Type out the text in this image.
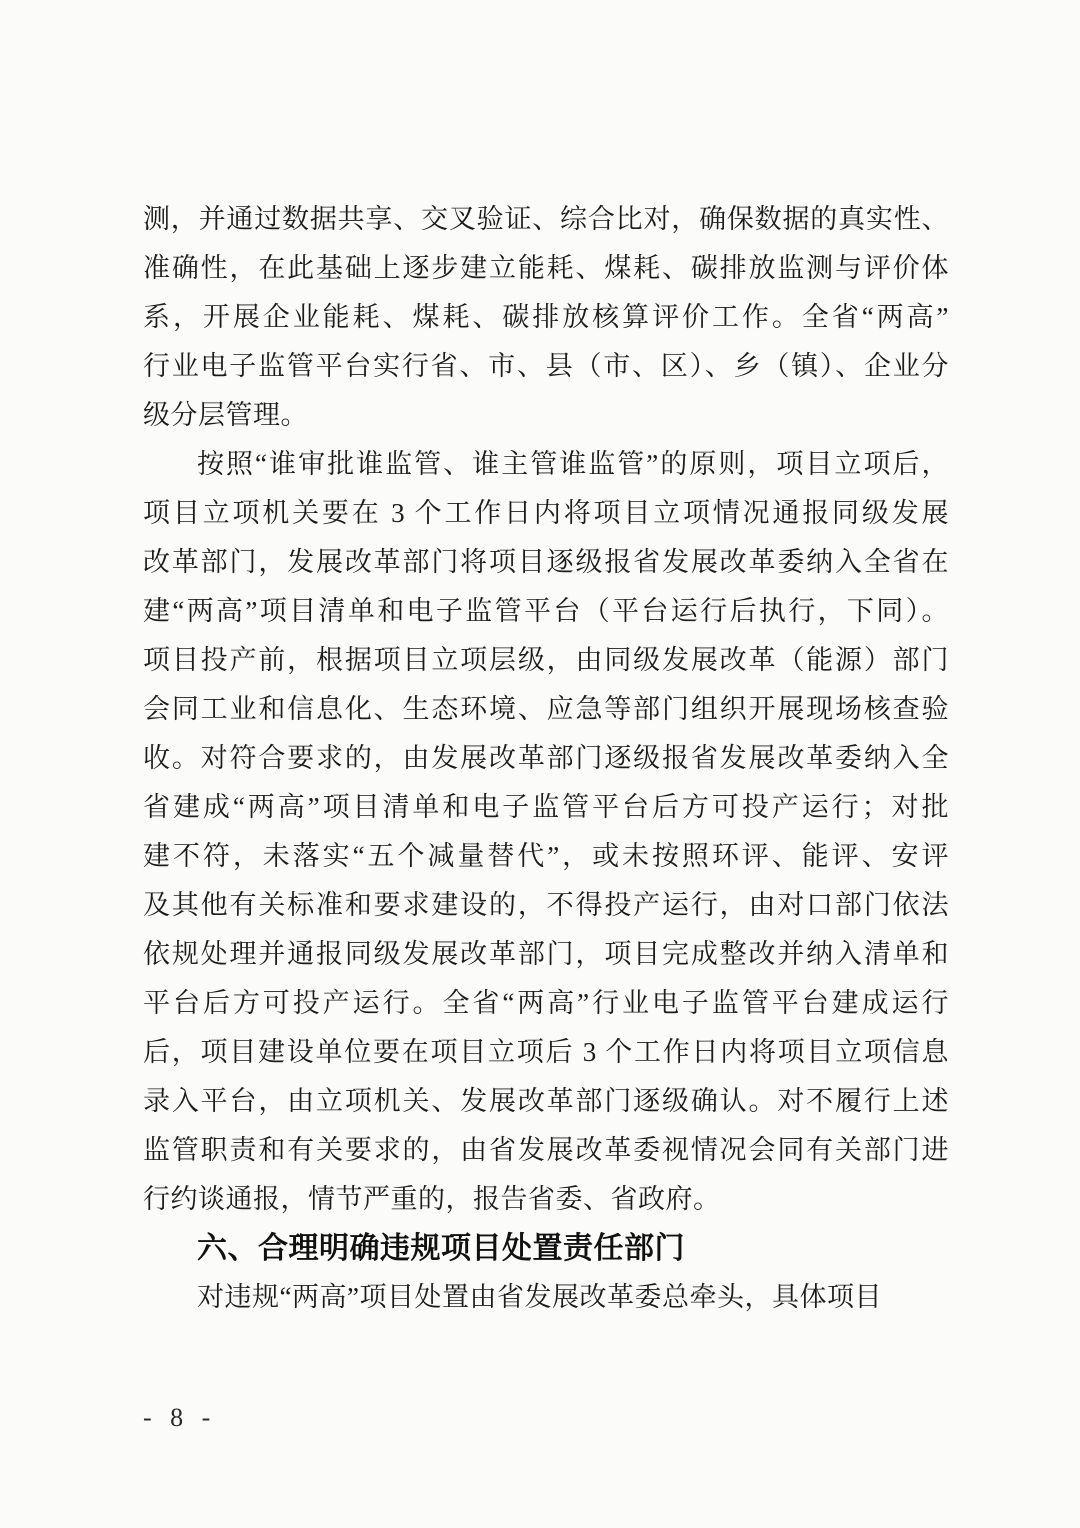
测，并通过数据共享、交叉验证、综合比对，确保数据的真实性、
准确性，在此基础上逐步建立能耗、煤耗、碳排放监测与评价体
系，开展企业能耗、煤耗、碳排放核算评价工作。全省“两高”
行业电子监管平台实行省、市、县（市、区）、乡（镇）、企业分
级分层管理。
按照“谁审批谁监管、谁主管谁监管”的原则，项目立项后，
项目立项机关要在 3 个工作日内将项目立项情况通报同级发展
改革部门，发展改革部门将项目逐级报省发展改革委纳入全省在
建“两高”项目清单和电子监管平台（平台运行后执行，下同）。
项目投产前，根据项目立项层级，由同级发展改革（能源）部门
会同工业和信息化、生态环境、应急等部门组织开展现场核查验
收。对符合要求的，由发展改革部门逐级报省发展改革委纳入全
省建成“两高”项目清单和电子监管平台后方可投产运行；对批
建不符，未落实“五个减量替代”，或未按照环评、能评、安评
及其他有关标准和要求建设的，不得投产运行，由对口部门依法
依规处理并通报同级发展改革部门，项目完成整改并纳入清单和
平台后方可投产运行。全省“两高”行业电子监管平台建成运行
后，项目建设单位要在项目立项后 3 个工作日内将项目立项信息
录入平台，由立项机关、发展改革部门逐级确认。对不履行上述
监管职责和有关要求的，由省发展改革委视情况会同有关部门进
行约谈通报，情节严重的，报告省委、省政府。
六、合理明确违规项目处置责任部门
对违规“两高”项目处置由省发展改革委总牵头，具体项目
- 8 -
